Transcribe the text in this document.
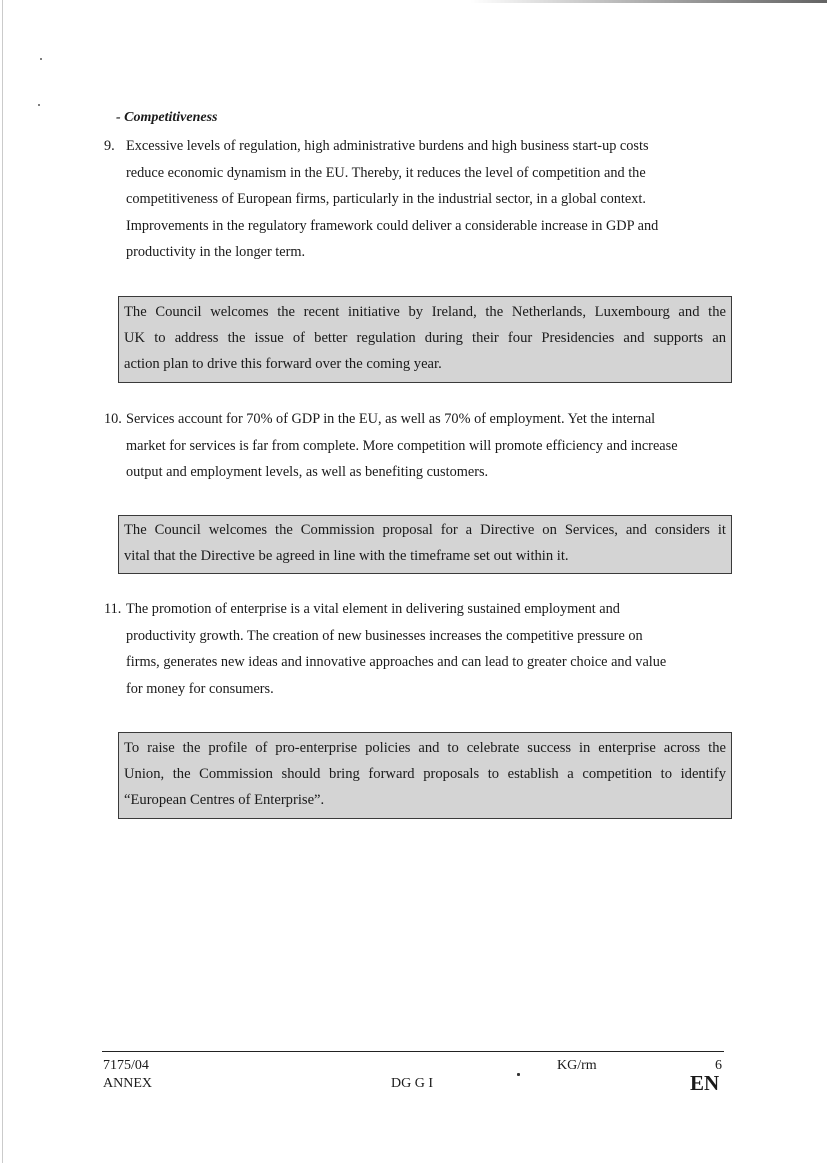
- Competitiveness
9. Excessive levels of regulation, high administrative burdens and high business start-up costs
reduce economic dynamism in the EU. Thereby, it reduces the level of competition and the
competitiveness of European firms, particularly in the industrial sector, in a global context.
Improvements in the regulatory framework could deliver a considerable increase in GDP and
productivity in the longer term.
The Council welcomes the recent initiative by Ireland, the Netherlands, Luxembourg and the
UK to address the issue of better regulation during their four Presidencies and supports an
action plan to drive this forward over the coming year.
10. Services account for 70% of GDP in the EU, as well as 70% of employment. Yet the internal
market for services is far from complete. More competition will promote efficiency and increase
output and employment levels, as well as benefiting customers.
The Council welcomes the Commission proposal for a Directive on Services, and considers it
vital that the Directive be agreed in line with the timeframe set out within it.
11. The promotion of enterprise is a vital element in delivering sustained employment and
productivity growth. The creation of new businesses increases the competitive pressure on
firms, generates new ideas and innovative approaches and can lead to greater choice and value
for money for consumers.
To raise the profile of pro-enterprise policies and to celebrate success in enterprise across the
Union, the Commission should bring forward proposals to establish a competition to identify
“European Centres of Enterprise”.
7175/04
ANNEX	DG G I
KG/rm	6
EN
